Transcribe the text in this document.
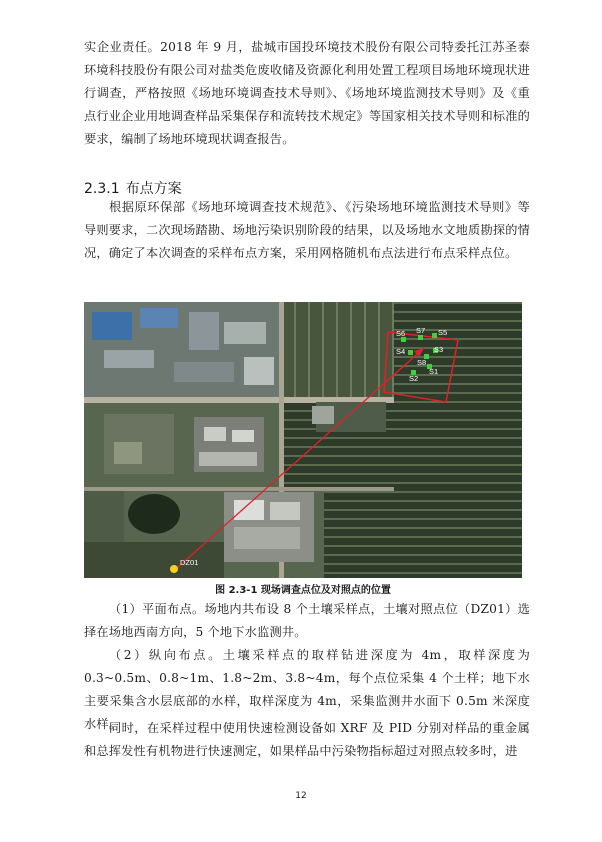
实企业责任。2018 年 9 月，盐城市国投环境技术股份有限公司特委托江苏圣泰环境科技股份有限公司对盐类危废收储及资源化利用处置工程项目场地环境现状进行调查，严格按照《场地环境调查技术导则》、《场地环境监测技术导则》及《重点行业企业用地调查样品采集保存和流转技术规定》等国家相关技术导则和标准的要求，编制了场地环境现状调查报告。
2.3.1 布点方案
根据原环保部《场地环境调查技术规范》、《污染场地环境监测技术导则》等导则要求，二次现场踏勘、场地污染识别阶段的结果，以及场地水文地质勘探的情况，确定了本次调查的采样布点方案，采用网格随机布点法进行布点采样点位。
S6 S7 S5
S4
S8
S3
S1
S2
DZ01
图 2.3-1 现场调查点位及对照点的位置
（1）平面布点。场地内共布设 8 个土壤采样点，土壤对照点位（DZ01）选择在场地西南方向，5 个地下水监测井。
（2）纵向布点。土壤采样点的取样钻进深度为 4m，取样深度为 0.3~0.5m、0.8~1m、1.8~2m、3.8~4m，每个点位采集 4 个土样；地下水主要采集含水层底部的水样，取样深度为 4m，采集监测井水面下 0.5m 米深度水样。
同时，在采样过程中使用快速检测设备如 XRF 及 PID 分别对样品的重金属和总挥发性有机物进行快速测定，如果样品中污染物指标超过对照点较多时，进
12
